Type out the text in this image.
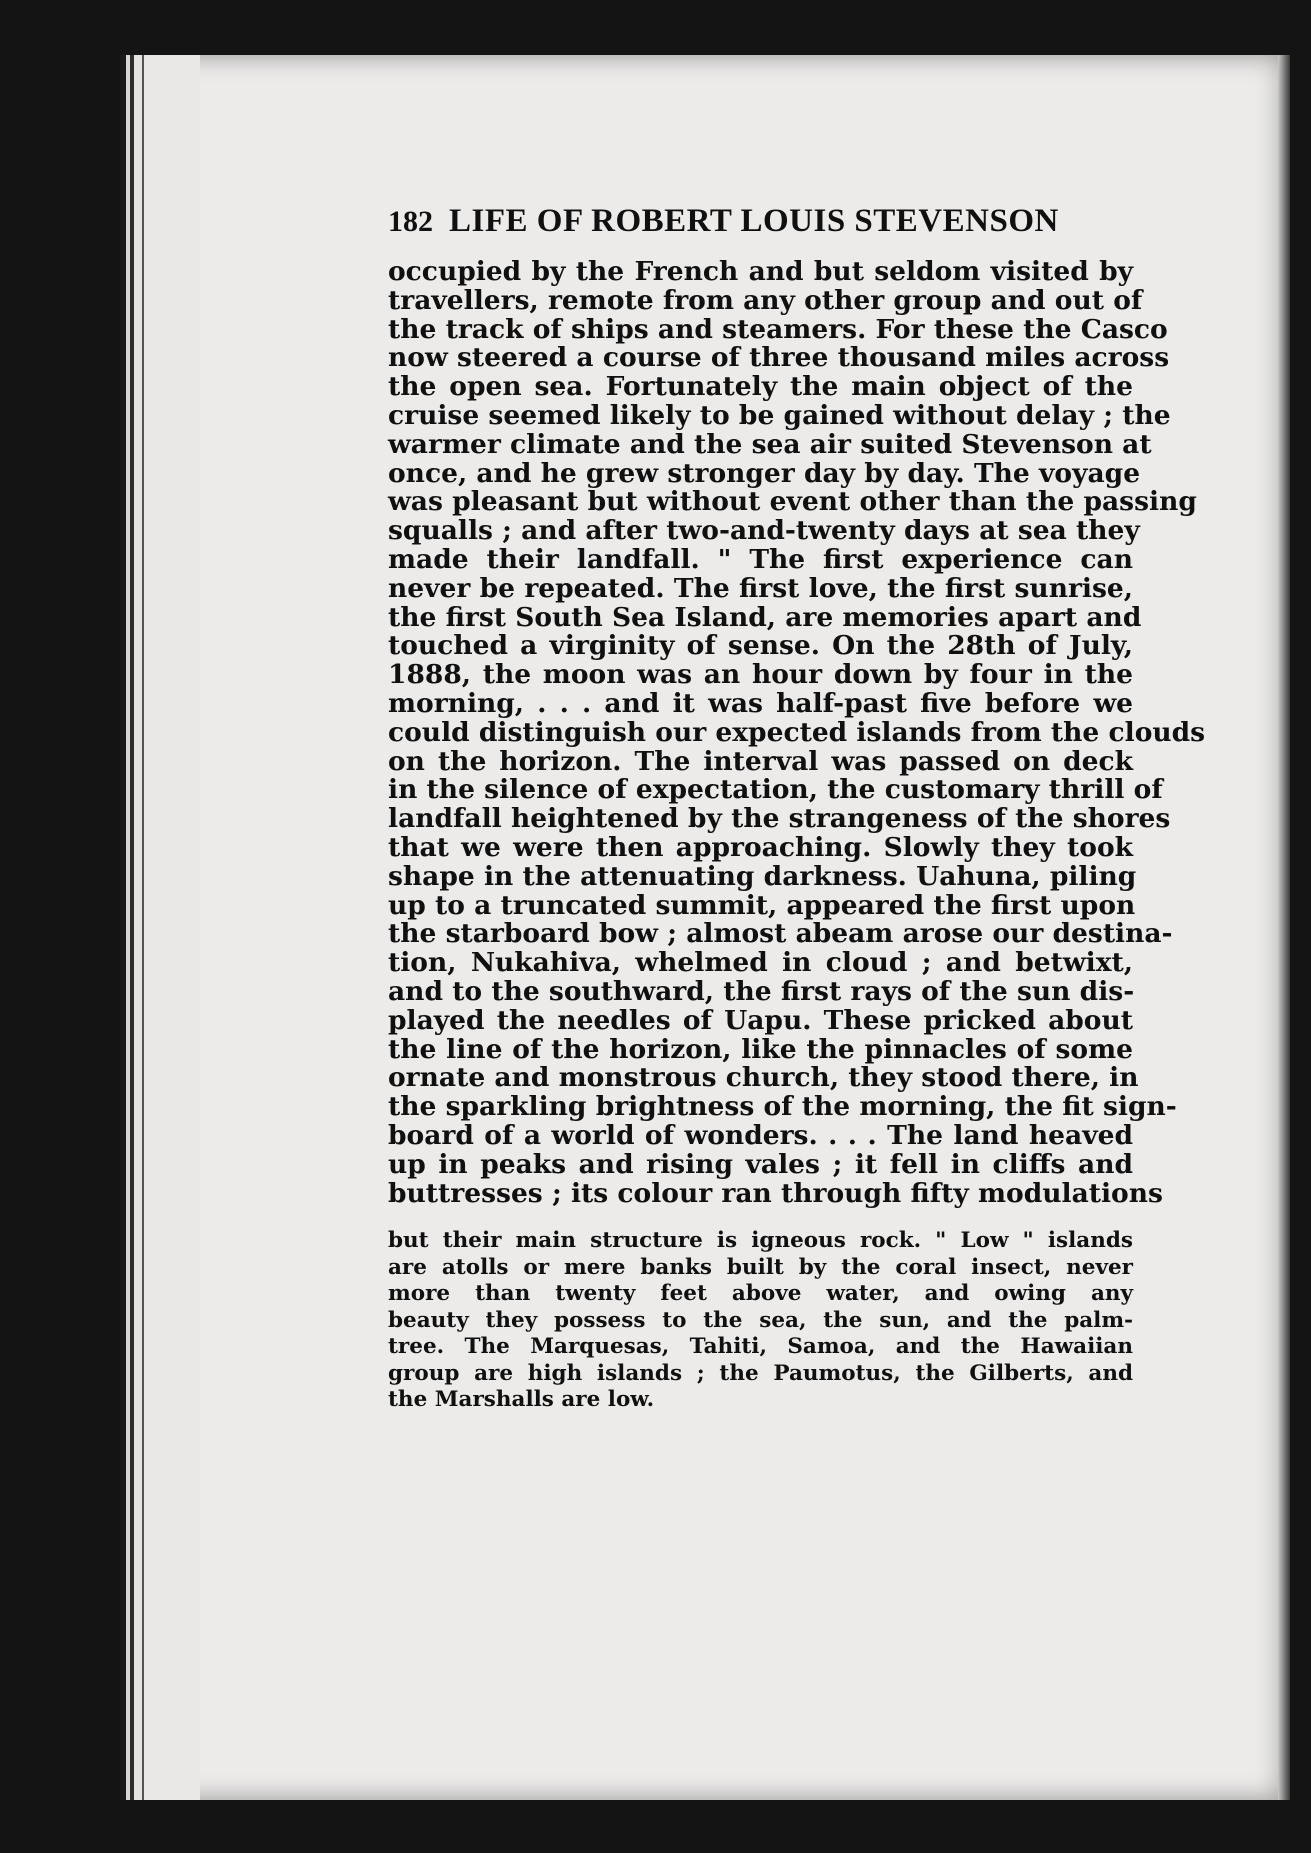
182 LIFE OF ROBERT LOUIS STEVENSON
occupied by the French and but seldom visited by
travellers, remote from any other group and out of
the track of ships and steamers. For these the Casco
now steered a course of three thousand miles across
the open sea. Fortunately the main object of the
cruise seemed likely to be gained without delay ; the
warmer climate and the sea air suited Stevenson at
once, and he grew stronger day by day. The voyage
was pleasant but without event other than the passing
squalls ; and after two-and-twenty days at sea they
made their landfall. " The first experience can
never be repeated. The first love, the first sunrise,
the first South Sea Island, are memories apart and
touched a virginity of sense. On the 28th of July,
1888, the moon was an hour down by four in the
morning, . . . and it was half-past five before we
could distinguish our expected islands from the clouds
on the horizon. The interval was passed on deck
in the silence of expectation, the customary thrill of
landfall heightened by the strangeness of the shores
that we were then approaching. Slowly they took
shape in the attenuating darkness. Uahuna, piling
up to a truncated summit, appeared the first upon
the starboard bow ; almost abeam arose our destina-
tion, Nukahiva, whelmed in cloud ; and betwixt,
and to the southward, the first rays of the sun dis-
played the needles of Uapu. These pricked about
the line of the horizon, like the pinnacles of some
ornate and monstrous church, they stood there, in
the sparkling brightness of the morning, the fit sign-
board of a world of wonders. . . . The land heaved
up in peaks and rising vales ; it fell in cliffs and
buttresses ; its colour ran through fifty modulations
but their main structure is igneous rock. " Low " islands
are atolls or mere banks built by the coral insect, never
more than twenty feet above water, and owing any
beauty they possess to the sea, the sun, and the palm-
tree. The Marquesas, Tahiti, Samoa, and the Hawaiian
group are high islands ; the Paumotus, the Gilberts, and
the Marshalls are low.
